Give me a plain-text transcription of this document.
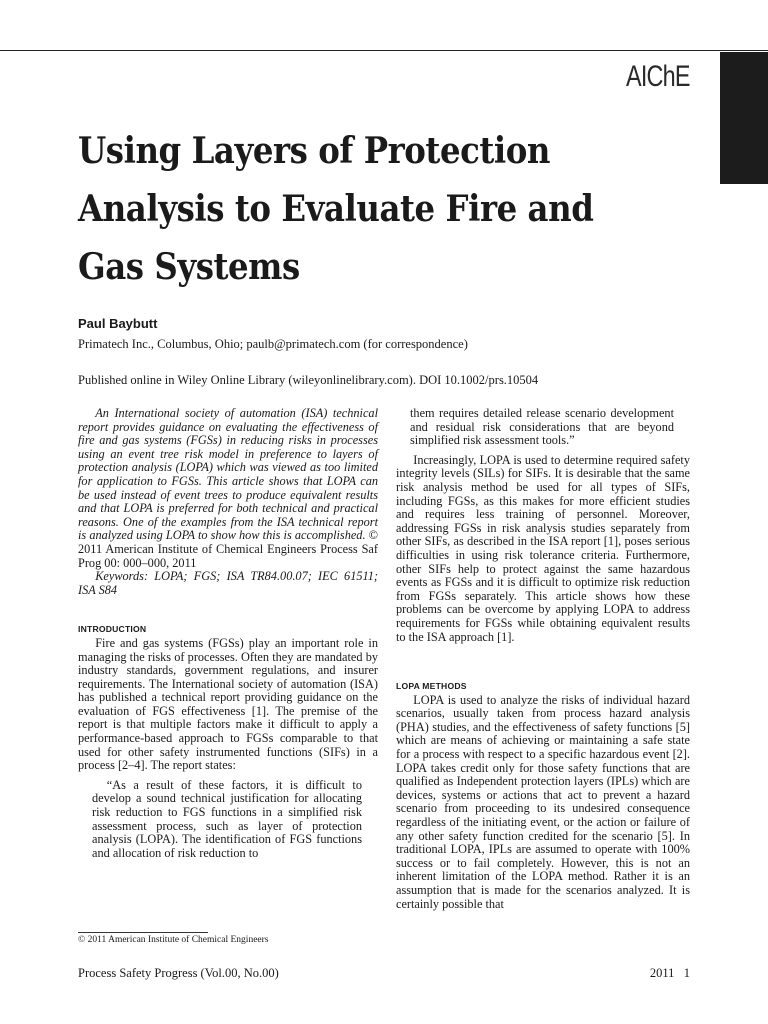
AIChE
Using Layers of Protection Analysis to Evaluate Fire and Gas Systems
Paul Baybutt
Primatech Inc., Columbus, Ohio; paulb@primatech.com (for correspondence)
Published online in Wiley Online Library (wileyonlinelibrary.com). DOI 10.1002/prs.10504

An International society of automation (ISA) technical report provides guidance on evaluating the effectiveness of fire and gas systems (FGSs) in reducing risks in processes using an event tree risk model in preference to layers of protection analysis (LOPA) which was viewed as too limited for application to FGSs. This article shows that LOPA can be used instead of event trees to produce equivalent results and that LOPA is preferred for both technical and practical reasons. One of the examples from the ISA technical report is analyzed using LOPA to show how this is accomplished. © 2011 American Institute of Chemical Engineers Process Saf Prog 00: 000–000, 2011

Keywords: LOPA; FGS; ISA TR84.00.07; IEC 61511; ISA S84

INTRODUCTION

Fire and gas systems (FGSs) play an important role in managing the risks of processes. Often they are mandated by industry standards, government regulations, and insurer requirements. The International society of automation (ISA) has published a technical report providing guidance on the evaluation of FGS effectiveness [1]. The premise of the report is that multiple factors make it difficult to apply a performance-based approach to FGSs comparable to that used for other safety instrumented functions (SIFs) in a process [2–4]. The report states:

“As a result of these factors, it is difficult to develop a sound technical justification for allocating risk reduction to FGS functions in a simplified risk assessment process, such as layer of protection analysis (LOPA). The identification of FGS functions and allocation of risk reduction to

them requires detailed release scenario development and residual risk considerations that are beyond simplified risk assessment tools.”

Increasingly, LOPA is used to determine required safety integrity levels (SILs) for SIFs. It is desirable that the same risk analysis method be used for all types of SIFs, including FGSs, as this makes for more efficient studies and requires less training of personnel. Moreover, addressing FGSs in risk analysis studies separately from other SIFs, as described in the ISA report [1], poses serious difficulties in using risk tolerance criteria. Furthermore, other SIFs help to protect against the same hazardous events as FGSs and it is difficult to optimize risk reduction from FGSs separately. This article shows how these problems can be overcome by applying LOPA to address requirements for FGSs while obtaining equivalent results to the ISA approach [1].

LOPA METHODS

LOPA is used to analyze the risks of individual hazard scenarios, usually taken from process hazard analysis (PHA) studies, and the effectiveness of safety functions [5] which are means of achieving or maintaining a safe state for a process with respect to a specific hazardous event [2]. LOPA takes credit only for those safety functions that are qualified as Independent protection layers (IPLs) which are devices, systems or actions that act to prevent a hazard scenario from proceeding to its undesired consequence regardless of the initiating event, or the action or failure of any other safety function credited for the scenario [5]. In traditional LOPA, IPLs are assumed to operate with 100% success or to fail completely. However, this is not an inherent limitation of the LOPA method. Rather it is an assumption that is made for the scenarios analyzed. It is certainly possible that

© 2011 American Institute of Chemical Engineers
Process Safety Progress (Vol.00, No.00)	2011 1
